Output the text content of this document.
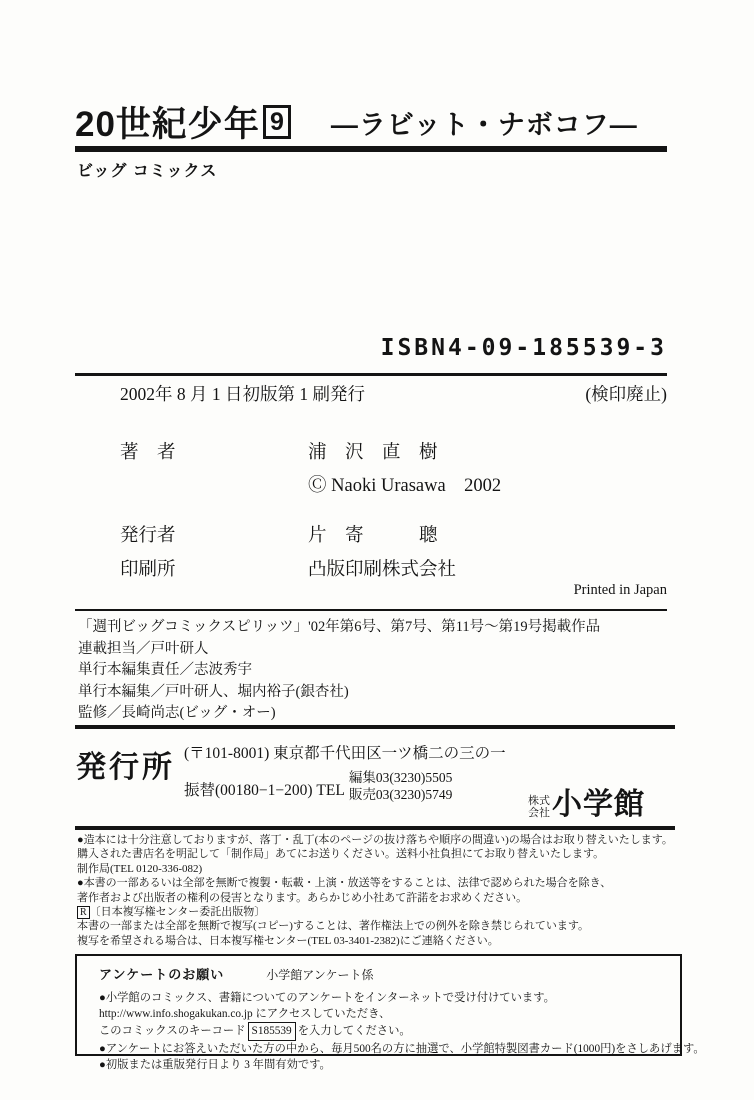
20世紀少年 9 ―ラビット・ナボコフ―
ビッグ コミックス
ISBN4-09-185539-3
2002年 8 月 1 日初版第 1 刷発行	(検印廃止)
著　者	浦　沢　直　樹
Ⓒ Naoki Urasawa　2002
発行者	片　寄　　　聰
印刷所	凸版印刷株式会社
Printed in Japan
「週刊ビッグコミックスピリッツ」'02年第6号、第7号、第11号～第19号掲載作品
連載担当／戸叶研人
単行本編集責任／志波秀宇
単行本編集／戸叶研人、堀内裕子(銀杏社)
監修／長崎尚志(ビッグ・オー)
発行所 (〒101-8001) 東京都千代田区一ツ橋二の三の一
振替(00180−1−200) TEL
編集03(3230)5505
販売03(3230)5749	株式
会社 小学館
●造本には十分注意しておりますが、落丁・乱丁(本のページの抜け落ちや順序の間違い)の場合はお取り替えいたします。
購入された書店名を明記して「制作局」あてにお送りください。送料小社負担にてお取り替えいたします。
制作局(TEL 0120-336-082)
●本書の一部あるいは全部を無断で複製・転載・上演・放送等をすることは、法律で認められた場合を除き、
著作者および出版者の権利の侵害となります。あらかじめ小社あて許諾をお求めください。
R 〔日本複写権センター委託出版物〕
本書の一部または全部を無断で複写(コピー)することは、著作権法上での例外を除き禁じられています。
複写を希望される場合は、日本複写権センター(TEL 03-3401-2382)にご連絡ください。
アンケートのお願い	小学館アンケート係
●小学館のコミックス、書籍についてのアンケートをインターネットで受け付けています。
http://www.info.shogakukan.co.jp にアクセスしていただき、
このコミックスのキーコード S185539 を入力してください。
●アンケートにお答えいただいた方の中から、毎月500名の方に抽選で、小学館特製図書カード(1000円)をさしあげます。
●初版または重版発行日より 3 年間有効です。
